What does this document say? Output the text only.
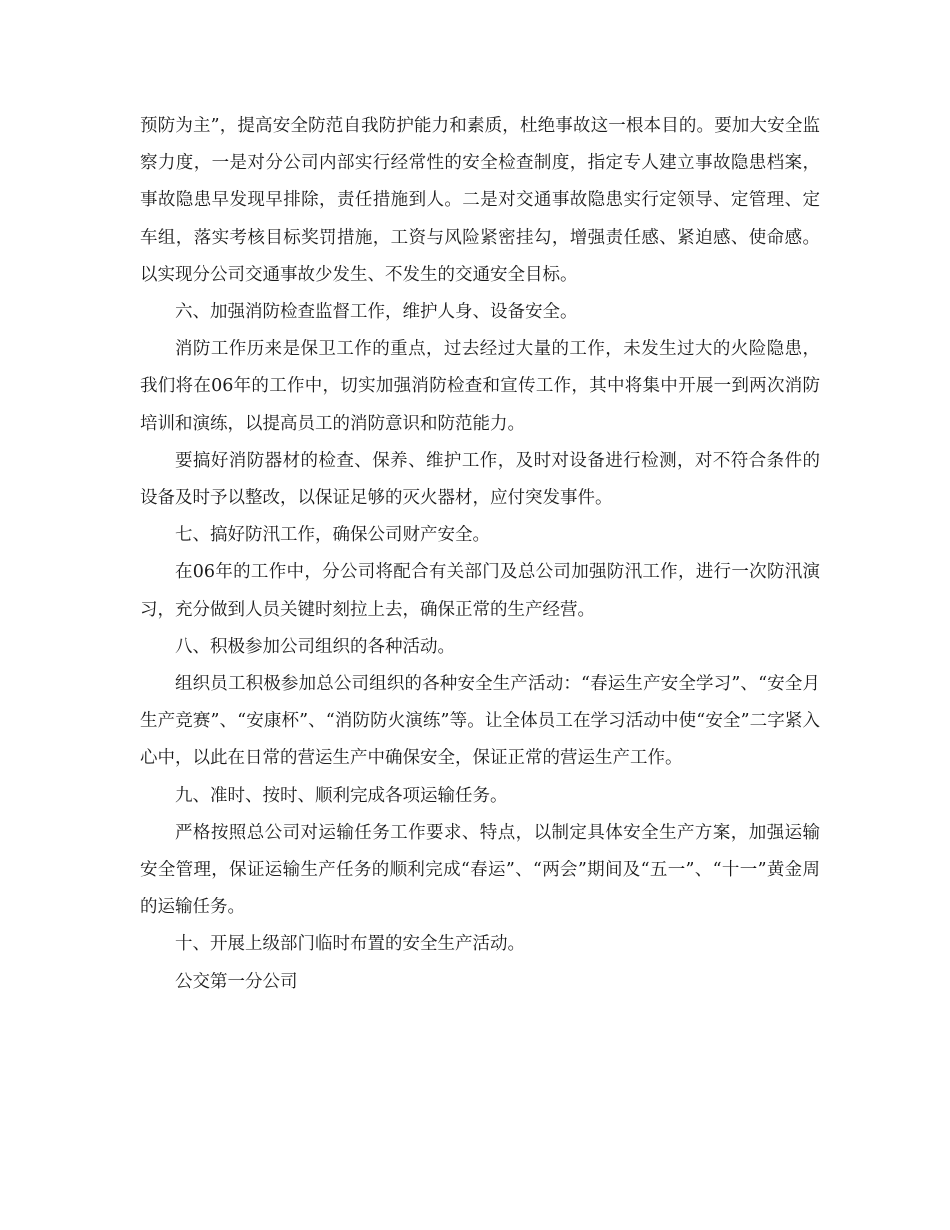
预防为主”，提高安全防范自我防护能力和素质，杜绝事故这一根本目的。要加大安全监察力度，一是对分公司内部实行经常性的安全检查制度，指定专人建立事故隐患档案，事故隐患早发现早排除，责任措施到人。二是对交通事故隐患实行定领导、定管理、定车组，落实考核目标奖罚措施，工资与风险紧密挂勾，增强责任感、紧迫感、使命感。以实现分公司交通事故少发生、不发生的交通安全目标。

六、加强消防检查监督工作，维护人身、设备安全。

消防工作历来是保卫工作的重点，过去经过大量的工作，未发生过大的火险隐患，我们将在06年的工作中，切实加强消防检查和宣传工作，其中将集中开展一到两次消防培训和演练，以提高员工的消防意识和防范能力。

要搞好消防器材的检查、保养、维护工作，及时对设备进行检测，对不符合条件的设备及时予以整改，以保证足够的灭火器材，应付突发事件。

七、搞好防汛工作，确保公司财产安全。

在06年的工作中，分公司将配合有关部门及总公司加强防汛工作，进行一次防汛演习，充分做到人员关键时刻拉上去，确保正常的生产经营。

八、积极参加公司组织的各种活动。

组织员工积极参加总公司组织的各种安全生产活动：“春运生产安全学习”、“安全月生产竞赛”、“安康杯”、“消防防火演练”等。让全体员工在学习活动中使“安全”二字紧入心中，以此在日常的营运生产中确保安全，保证正常的营运生产工作。

九、准时、按时、顺利完成各项运输任务。

严格按照总公司对运输任务工作要求、特点，以制定具体安全生产方案，加强运输安全管理，保证运输生产任务的顺利完成“春运”、“两会”期间及“五一”、“十一”黄金周的运输任务。

十、开展上级部门临时布置的安全生产活动。

公交第一分公司
